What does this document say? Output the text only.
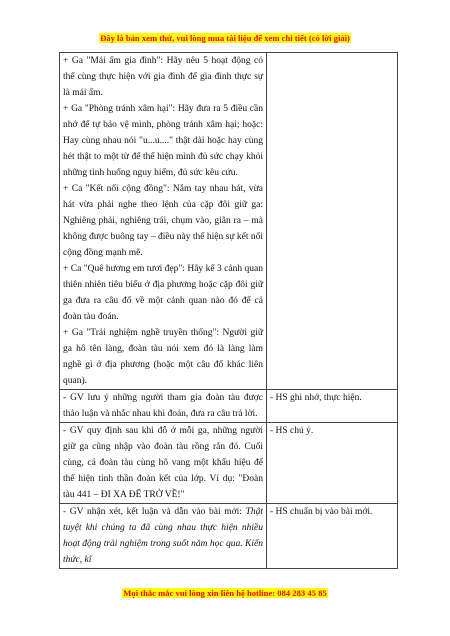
Đây là bản xem thử, vui lòng mua tài liệu để xem chi tiết (có lời giải)

+ Ga "Mái ấm gia đình": Hãy nêu 5 hoạt động có thể cùng thực hiện với gia đình để gia đình thực sự là mái ấm.

+ Ga "Phòng tránh xâm hại": Hãy đưa ra 5 điều cần nhớ để tự bảo vệ mình, phòng tránh xâm hại; hoặc: Hay cùng nhau nói "u...u...." thật dài hoặc hay cùng hét thật to một từ để thể hiện mình đủ sức chạy khỏi những tình huống nguy hiểm, đủ sức kêu cứu.

+ Ca "Kết nối cộng đồng": Nắm tay nhau hát, vừa hát vừa phải nghe theo lệnh của cặp đôi giữ ga: Nghiêng phải, nghiêng trái, chụm vào, giãn ra – mà không được buông tay – điều này thể hiện sự kết nối cộng đồng mạnh mẽ.

+ Ca "Quê hương em tươi đẹp": Hãy kể 3 cảnh quan thiên nhiên tiêu biểu ở địa phương hoặc cặp đôi giữ ga đưa ra câu đố về một cảnh quan nào đó để cả đoàn tàu đoán.

+ Ga "Trải nghiệm nghề truyền thống": Người giữ ga hô tên làng, đoàn tàu nói xem đó là làng làm nghề gì ở địa phương (hoặc một câu đố khác liên quan).	

- GV lưu ý những người tham gia đoàn tàu được thảo luận và nhắc nhau khi đoán, đưa ra câu trả lời.	- HS ghi nhớ, thực hiện.

- GV quy định sau khi đỗ ở mỗi ga, những người giữ ga cũng nhập vào đoàn tàu rồng rắn đó. Cuối cùng, cả đoàn tàu cùng hô vang một khẩu hiệu để thể hiện tinh thần đoàn kết của lớp. Ví dụ: "Đoàn tàu 441 – ĐI XA ĐỂ TRỞ VỀ!"	- HS chú ý.

- GV nhận xét, kết luận và dẫn vào bài mới: Thật tuyệt khi chúng ta đã cùng nhau thực hiện nhiều hoạt động trải nghiệm trong suốt năm học qua. Kiến thức, kĩ	- HS chuẩn bị vào bài mới.
Mọi thắc mắc vui lòng xin liên hệ hotline: 084 283 45 85
